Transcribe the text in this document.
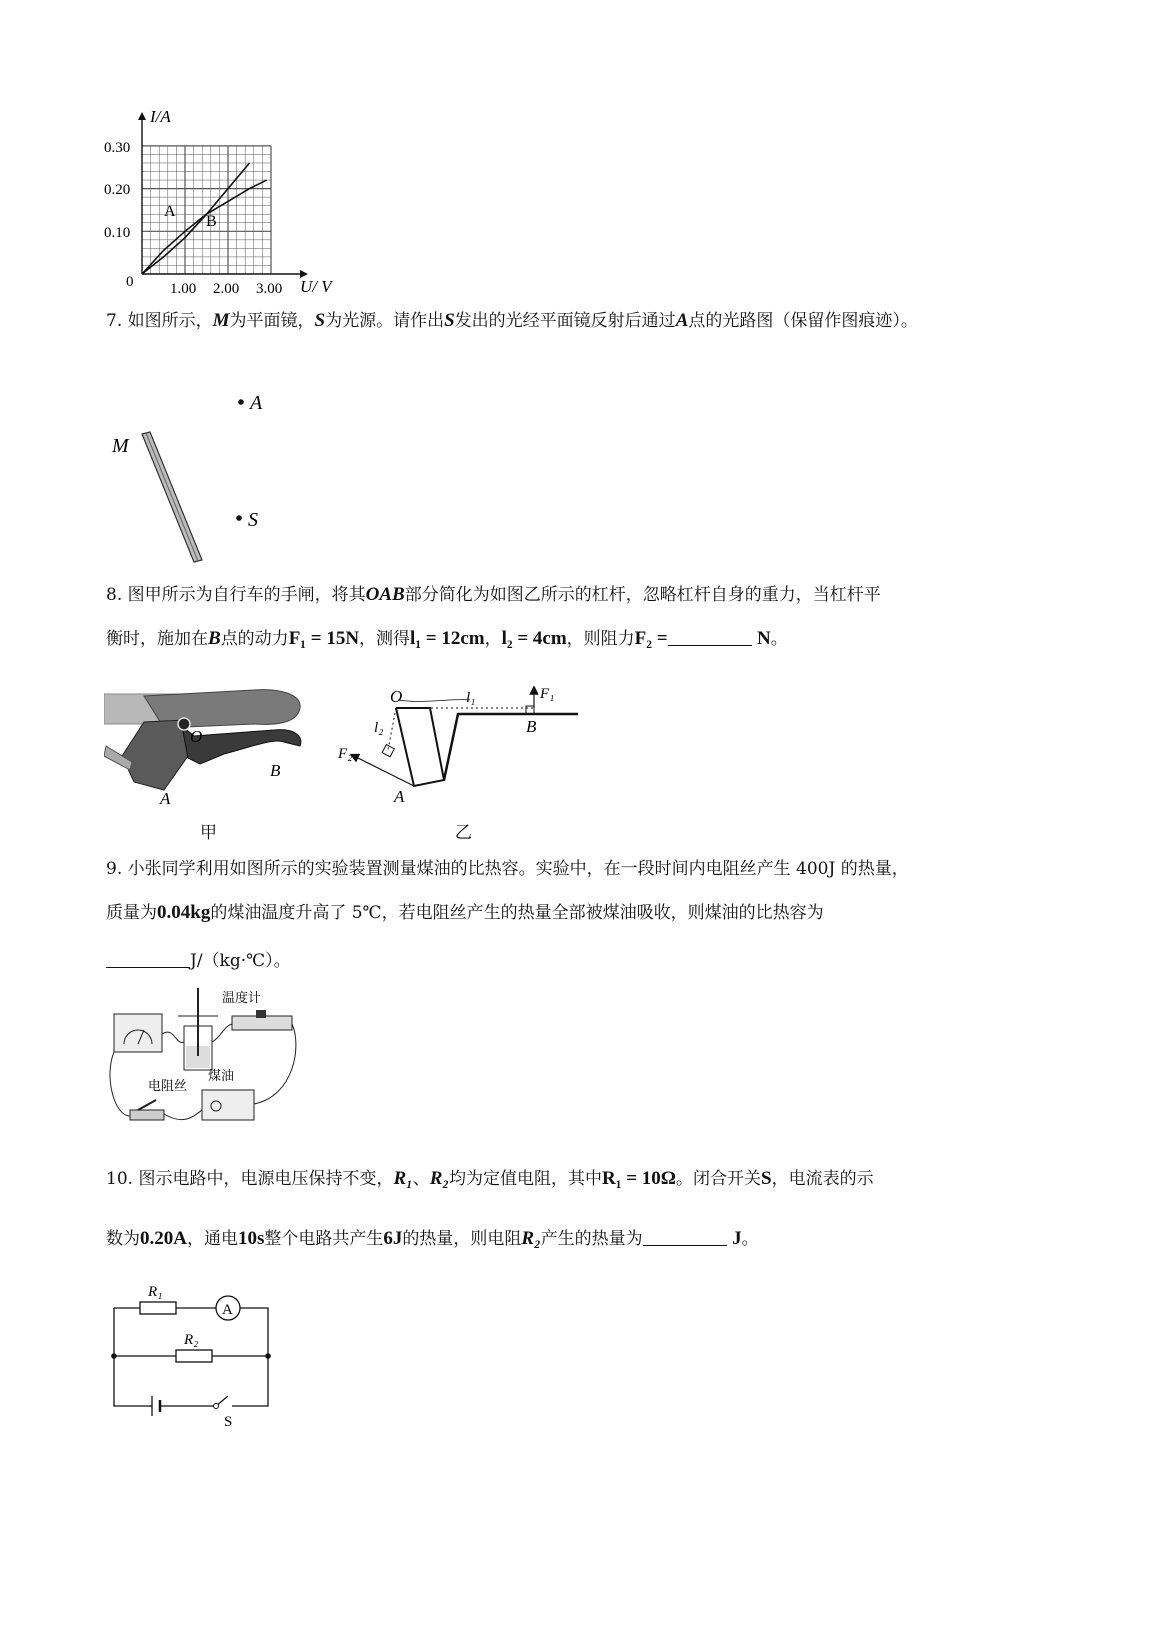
I/A
U/ V
0
0.30
0.20
0.10
1.00 2.00 3.00
A
B
7. 如图所示，M为平面镜，S为光源。请作出S发出的光经平面镜反射后通过A点的光路图（保留作图痕迹）。
A
M
S
8. 图甲所示为自行车的手闸，将其OAB部分简化为如图乙所示的杠杆，忽略杠杆自身的重力，当杠杆平
衡时，施加在B点的动力F₁ = 15N，测得l₁ = 12cm，l₂ = 4cm，则阻力F₂ =	N。
O
A
B
O	l₁
l₂
F₁
F₂
A
B
甲	乙
9. 小张同学利用如图所示的实验装置测量煤油的比热容。实验中，在一段时间内电阻丝产生 400J 的热量，
质量为0.04kg的煤油温度升高了 5℃，若电阻丝产生的热量全部被煤油吸收，则煤油的比热容为
J/（kg·℃）。
温度计
煤油
电阻丝
10. 图示电路中，电源电压保持不变，R₁、R₂均为定值电阻，其中R₁ = 10Ω。闭合开关S，电流表的示
数为0.20A，通电10s整个电路共产生6J的热量，则电阻R₂产生的热量为	J。
R₁
R₂
A
S
